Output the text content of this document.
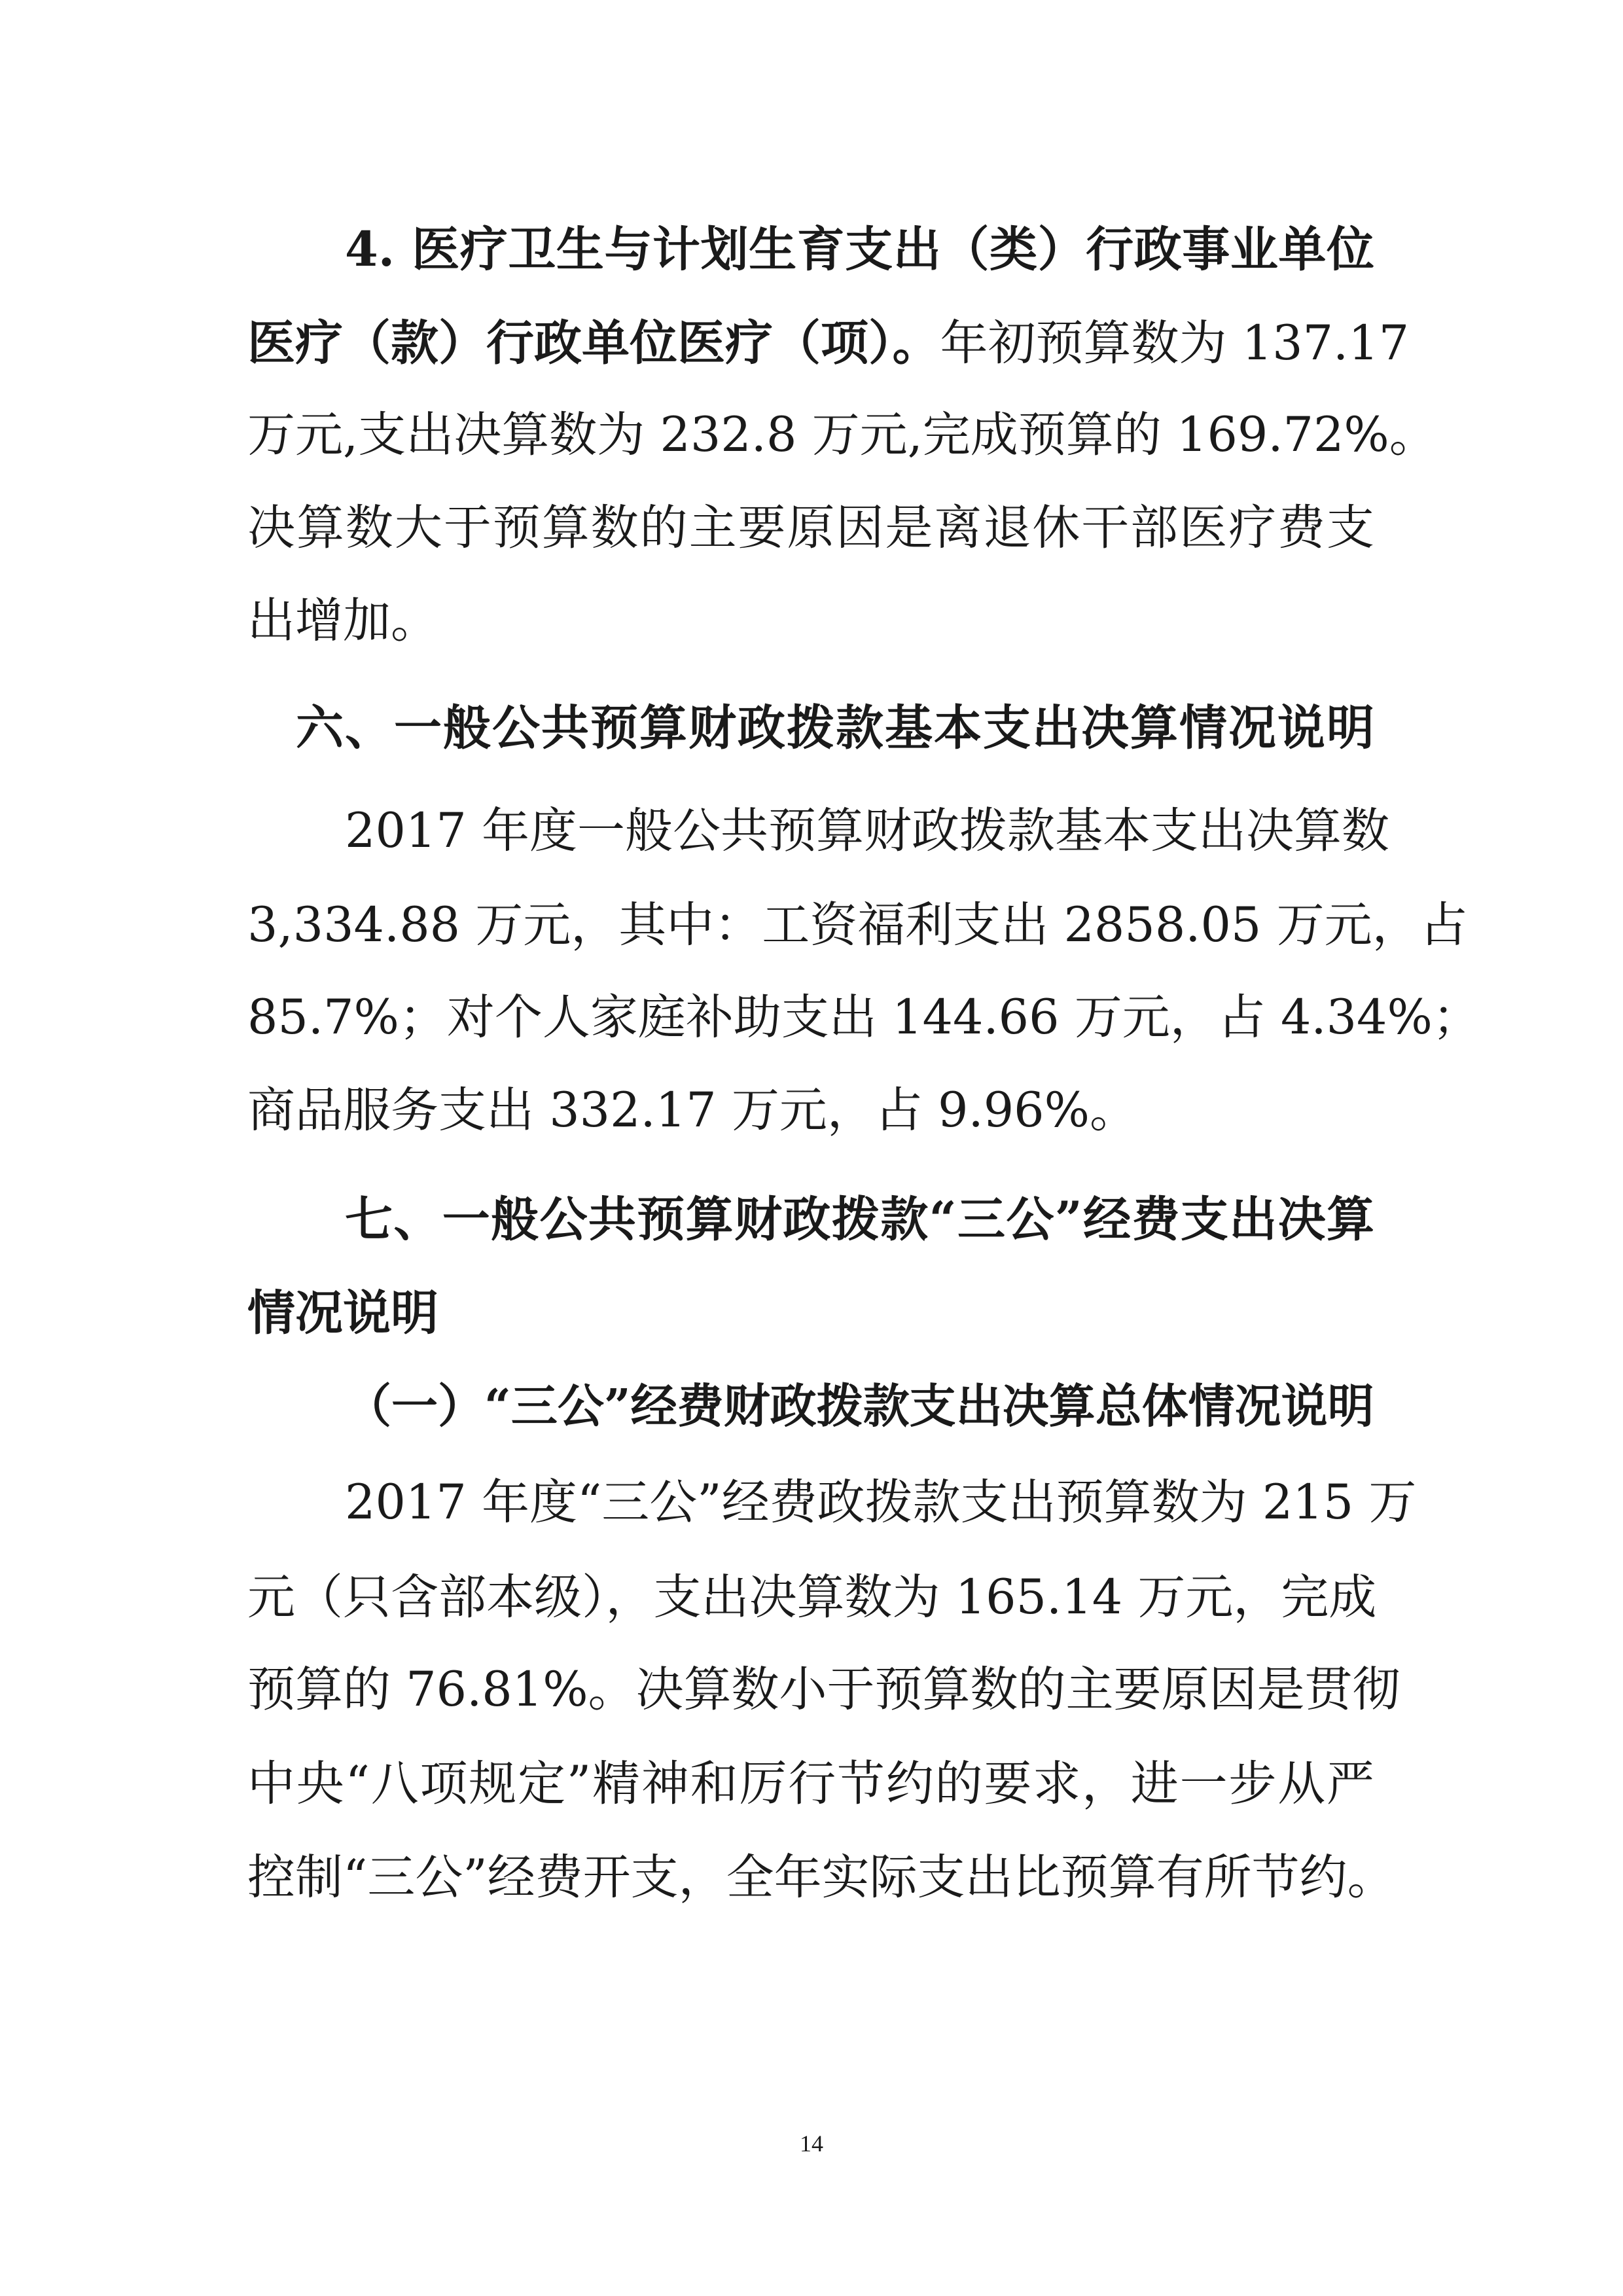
4. 医疗卫生与计划生育支出（类）行政事业单位
医疗（款）行政单位医疗（项）。年初预算数为 137.17
万元,支出决算数为 232.8 万元,完成预算的 169.72%。
决算数大于预算数的主要原因是离退休干部医疗费支
出增加。
六、一般公共预算财政拨款基本支出决算情况说明
2017 年度一般公共预算财政拨款基本支出决算数
3,334.88 万元，其中：工资福利支出 2858.05 万元，占
85.7%；对个人家庭补助支出 144.66 万元，占 4.34%；
商品服务支出 332.17 万元，占 9.96%。
七、一般公共预算财政拨款“三公”经费支出决算
情况说明
（一）“三公”经费财政拨款支出决算总体情况说明
2017 年度“三公”经费政拨款支出预算数为 215 万
元（只含部本级），支出决算数为 165.14 万元，完成
预算的 76.81%。决算数小于预算数的主要原因是贯彻
中央“八项规定”精神和厉行节约的要求，进一步从严
控制“三公”经费开支，全年实际支出比预算有所节约。
14
